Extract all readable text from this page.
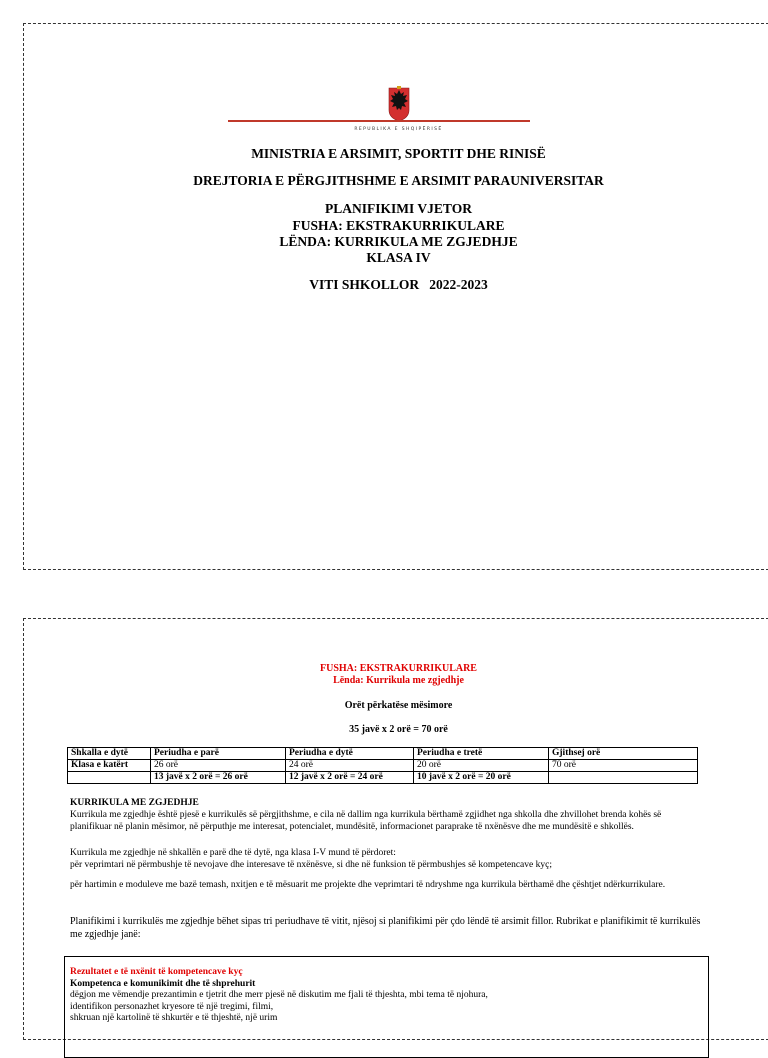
REPUBLIKA E SHQIPËRISË
MINISTRIA E ARSIMIT, SPORTIT DHE RINISË
DREJTORIA E PËRGJITHSHME E ARSIMIT PARAUNIVERSITAR
PLANIFIKIMI VJETOR
FUSHA: EKSTRAKURRIKULARE
LËNDA: KURRIKULA ME ZGJEDHJE
KLASA IV
VITI SHKOLLOR   2022-2023
FUSHA: EKSTRAKURRIKULARE
Lënda: Kurrikula me zgjedhje
Orët përkatëse mësimore
35 javë x 2 orë = 70 orë
Shkalla e dytë	Periudha e parë	Periudha e dytë	Periudha e tretë	Gjithsej orë
Klasa e katërt	26 orë	24 orë	20 orë	70 orë
	13 javë x 2 orë = 26 orë	12 javë x 2 orë = 24 orë	10 javë x 2 orë = 20 orë	
KURRIKULA ME ZGJEDHJE
Kurrikula me zgjedhje është pjesë e kurrikulës së përgjithshme, e cila në dallim nga kurrikula bërthamë zgjidhet nga shkolla dhe zhvillohet brenda kohës së planifikuar në planin mësimor, në përputhje me interesat, potencialet, mundësitë, informacionet paraprake të nxënësve dhe me mundësitë e shkollës.
Kurrikula me zgjedhje në shkallën e parë dhe të dytë, nga klasa I-V mund të përdoret:
për veprimtari në përmbushje të nevojave dhe interesave të nxënësve, si dhe në funksion të përmbushjes së kompetencave kyç;
për hartimin e moduleve me bazë temash, nxitjen e të mësuarit me projekte dhe veprimtari të ndryshme nga kurrikula bërthamë dhe çështjet ndërkurrikulare.
Planifikimi i kurrikulës me zgjedhje bëhet sipas tri periudhave të vitit, njësoj si planifikimi për çdo lëndë të arsimit fillor. Rubrikat e planifikimit të kurrikulës me zgjedhje janë:
Rezultatet e të nxënit të kompetencave kyç
Kompetenca e komunikimit dhe të shprehurit
dëgjon me vëmendje prezantimin e tjetrit dhe merr pjesë në diskutim me fjali të thjeshta, mbi tema të njohura,
identifikon personazhet kryesore të një tregimi, filmi,
shkruan një kartolinë të shkurtër e të thjeshtë, një urim
